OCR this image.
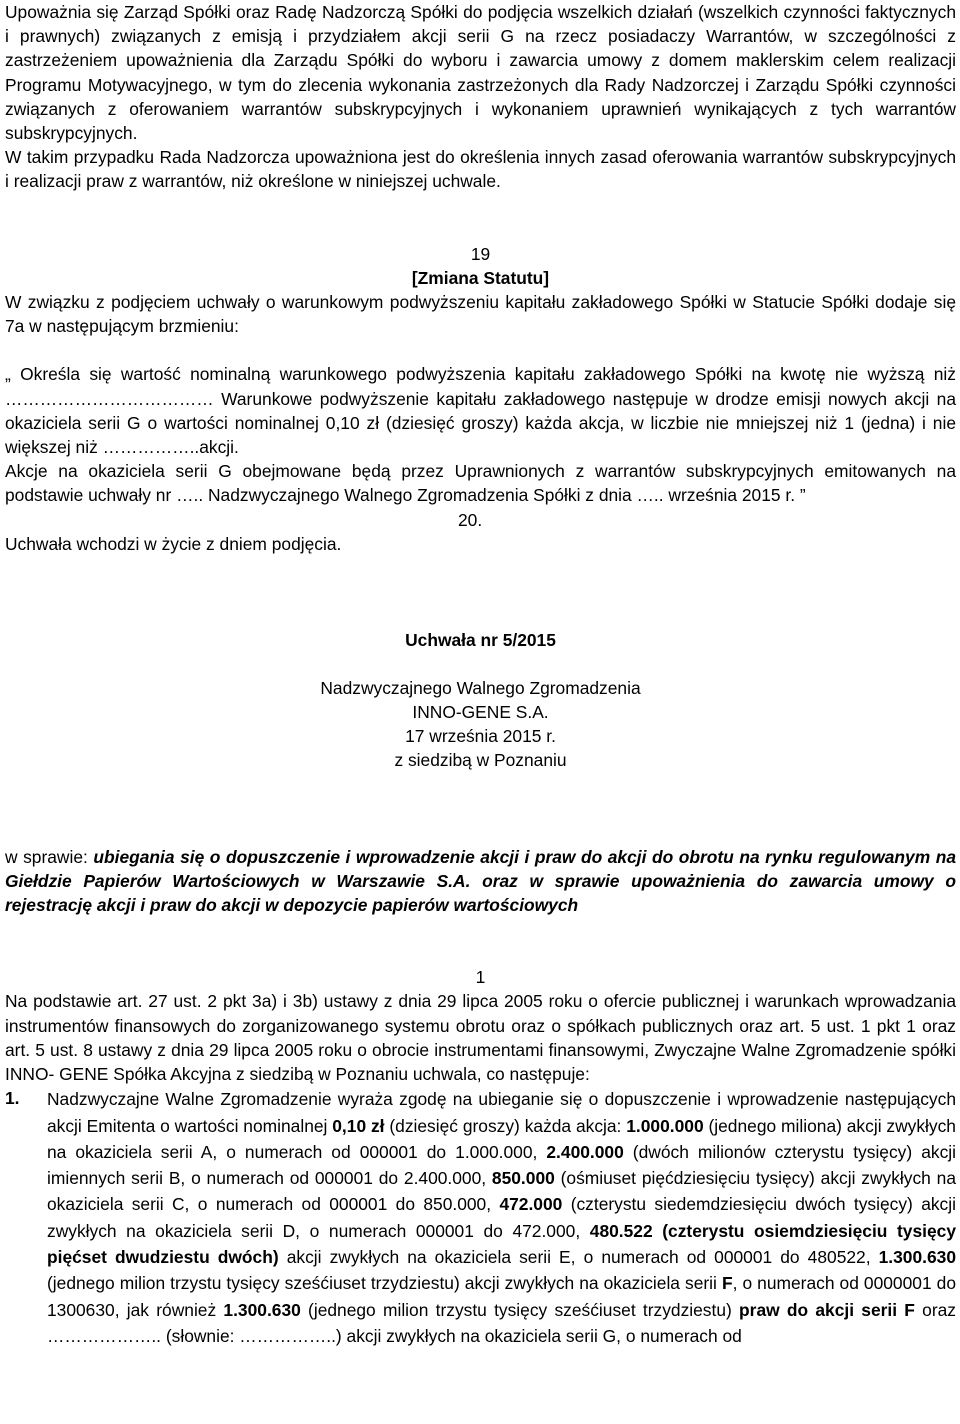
Upoważnia się Zarząd Spółki oraz Radę Nadzorczą Spółki do podjęcia wszelkich działań (wszelkich czynności faktycznych i prawnych) związanych z emisją i przydziałem akcji serii G na rzecz posiadaczy Warrantów, w szczególności z zastrzeżeniem upoważnienia dla Zarządu Spółki do wyboru i zawarcia umowy z domem maklerskim celem realizacji Programu Motywacyjnego, w tym do zlecenia wykonania zastrzeżonych dla Rady Nadzorczej i Zarządu Spółki czynności związanych z oferowaniem warrantów subskrypcyjnych i wykonaniem uprawnień wynikających z tych warrantów subskrypcyjnych.

W takim przypadku Rada Nadzorcza upoważniona jest do określenia innych zasad oferowania warrantów subskrypcyjnych i realizacji praw z warrantów, niż określone w niniejszej uchwale.

19

[Zmiana Statutu]

W związku z podjęciem uchwały o warunkowym podwyższeniu kapitału zakładowego Spółki w Statucie Spółki dodaje się 7a w następującym brzmieniu:

„ Określa się wartość nominalną warunkowego podwyższenia kapitału zakładowego Spółki na kwotę nie wyższą niż ……………………………… Warunkowe podwyższenie kapitału zakładowego następuje w drodze emisji nowych akcji na okaziciela serii G o wartości nominalnej 0,10 zł (dziesięć groszy) każda akcja, w liczbie nie mniejszej niż 1 (jedna) i nie większej niż ……………..akcji.

Akcje na okaziciela serii G obejmowane będą przez Uprawnionych z warrantów subskrypcyjnych emitowanych na podstawie uchwały nr ….. Nadzwyczajnego Walnego Zgromadzenia Spółki z dnia ….. września 2015 r. ”

20.
Uchwała wchodzi w życie z dniem podjęcia.

Uchwała nr 5/2015

Nadzwyczajnego Walnego Zgromadzenia

INNO-GENE S.A.

17 września 2015 r.

z siedzibą w Poznaniu

w sprawie: ubiegania się o dopuszczenie i wprowadzenie akcji i praw do akcji do obrotu na rynku regulowanym na Giełdzie Papierów Wartościowych w Warszawie S.A. oraz w sprawie upoważnienia do zawarcia umowy o rejestrację akcji i praw do akcji w depozycie papierów wartościowych

1

Na podstawie art. 27 ust. 2 pkt 3a) i 3b) ustawy z dnia 29 lipca 2005 roku o ofercie publicznej i warunkach wprowadzania instrumentów finansowych do zorganizowanego systemu obrotu oraz o spółkach publicznych oraz art. 5 ust. 1 pkt 1 oraz art. 5 ust. 8 ustawy z dnia 29 lipca 2005 roku o obrocie instrumentami finansowymi, Zwyczajne Walne Zgromadzenie spółki INNO- GENE Spółka Akcyjna z siedzibą w Poznaniu uchwala, co następuje:

1.	Nadzwyczajne Walne Zgromadzenie wyraża zgodę na ubieganie się o dopuszczenie i wprowadzenie następujących akcji Emitenta o wartości nominalnej 0,10 zł (dziesięć groszy) każda akcja: 1.000.000 (jednego miliona) akcji zwykłych na okaziciela serii A, o numerach od 000001 do 1.000.000, 2.400.000 (dwóch milionów czterystu tysięcy) akcji imiennych serii B, o numerach od 000001 do 2.400.000, 850.000 (ośmiuset pięćdziesięciu tysięcy) akcji zwykłych na okaziciela serii C, o numerach od 000001 do 850.000, 472.000 (czterystu siedemdziesięciu dwóch tysięcy) akcji zwykłych na okaziciela serii D, o numerach 000001 do 472.000, 480.522 (czterystu osiemdziesięciu tysięcy pięćset dwudziestu dwóch) akcji zwykłych na okaziciela serii E, o numerach od 000001 do 480522, 1.300.630 (jednego milion trzystu tysięcy sześćiuset trzydziestu) akcji zwykłych na okaziciela serii F, o numerach od 0000001 do 1300630, jak również 1.300.630 (jednego milion trzystu tysięcy sześćiuset trzydziestu) praw do akcji serii F oraz ……………….. (słownie: ……………..) akcji zwykłych na okaziciela serii G, o numerach od
